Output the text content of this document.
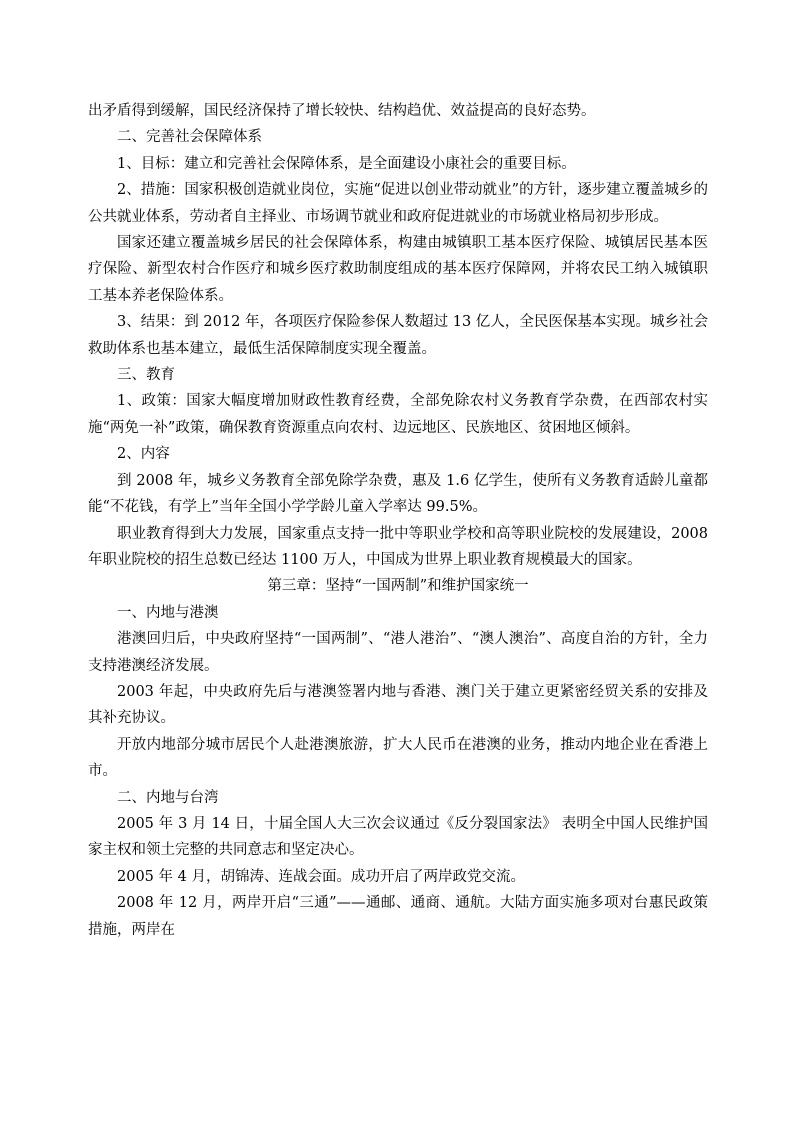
出矛盾得到缓解，国民经济保持了增长较快、结构趋优、效益提高的良好态势。

二、完善社会保障体系

1、目标：建立和完善社会保障体系，是全面建设小康社会的重要目标。

2、措施：国家积极创造就业岗位，实施“促进以创业带动就业”的方针，逐步建立覆盖城乡的公共就业体系，劳动者自主择业、市场调节就业和政府促进就业的市场就业格局初步形成。

国家还建立覆盖城乡居民的社会保障体系，构建由城镇职工基本医疗保险、城镇居民基本医疗保险、新型农村合作医疗和城乡医疗救助制度组成的基本医疗保障网，并将农民工纳入城镇职工基本养老保险体系。

3、结果：到 2012 年，各项医疗保险参保人数超过 13 亿人，全民医保基本实现。城乡社会救助体系也基本建立，最低生活保障制度实现全覆盖。

三、教育

1、政策：国家大幅度增加财政性教育经费，全部免除农村义务教育学杂费，在西部农村实施“两免一补”政策，确保教育资源重点向农村、边远地区、民族地区、贫困地区倾斜。

2、内容

到 2008 年，城乡义务教育全部免除学杂费，惠及 1.6 亿学生，使所有义务教育适龄儿童都能“不花钱，有学上”当年全国小学学龄儿童入学率达 99.5%。

职业教育得到大力发展，国家重点支持一批中等职业学校和高等职业院校的发展建设，2008 年职业院校的招生总数已经达 1100 万人，中国成为世界上职业教育规模最大的国家。

第三章：坚持“一国两制”和维护国家统一

一、内地与港澳

港澳回归后，中央政府坚持“一国两制”、“港人港治”、“澳人澳治”、高度自治的方针，全力支持港澳经济发展。

2003 年起，中央政府先后与港澳签署内地与香港、澳门关于建立更紧密经贸关系的安排及其补充协议。

开放内地部分城市居民个人赴港澳旅游，扩大人民币在港澳的业务，推动内地企业在香港上市。

二、内地与台湾

2005 年 3 月 14 日，十届全国人大三次会议通过《反分裂国家法》 表明全中国人民维护国家主权和领土完整的共同意志和坚定决心。

2005 年 4 月，胡锦涛、连战会面。成功开启了两岸政党交流。

2008 年 12 月，两岸开启“三通”——通邮、通商、通航。大陆方面实施多项对台惠民政策措施，两岸在
